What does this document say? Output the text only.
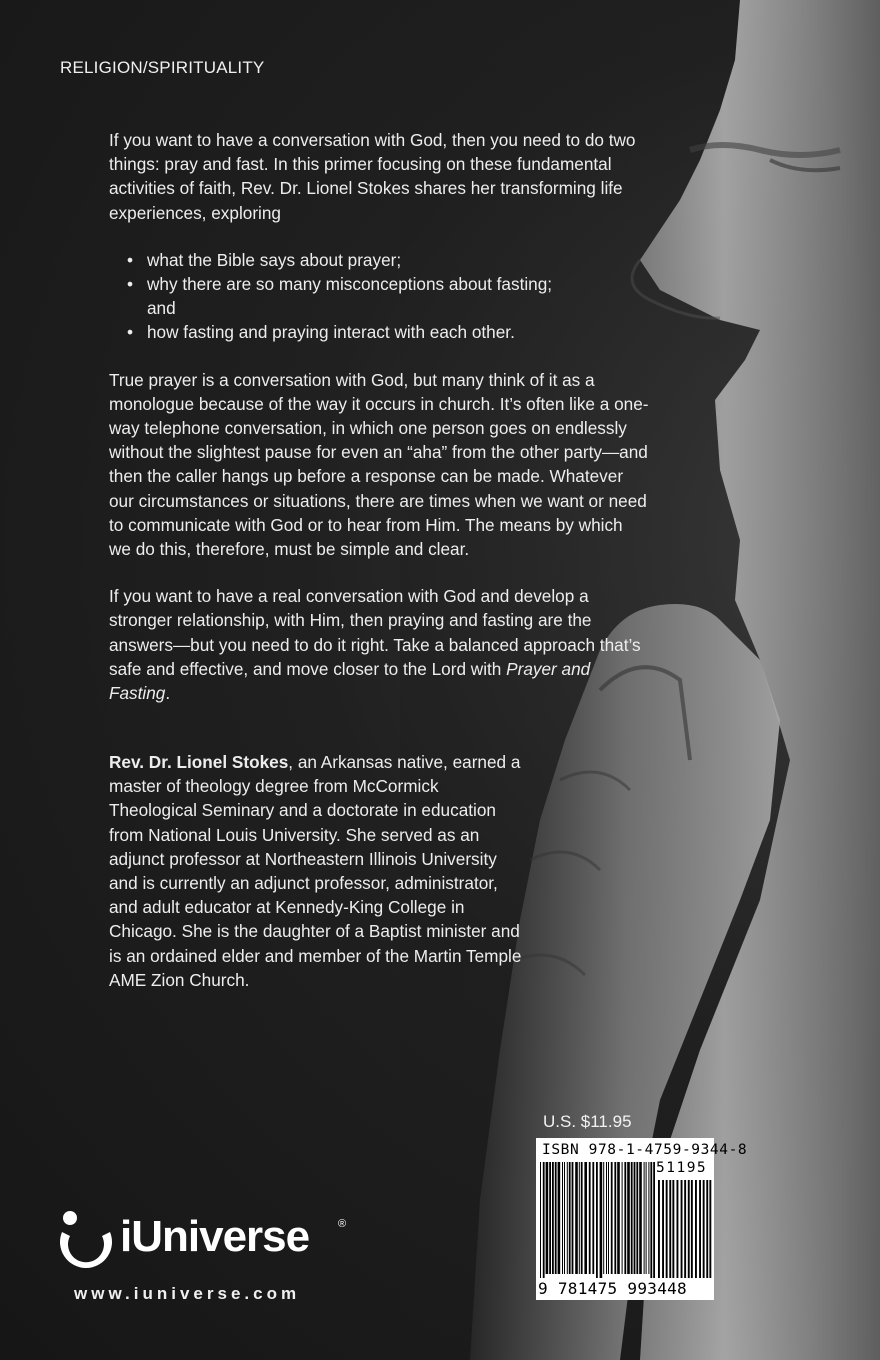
RELIGION/SPIRITUALITY

If you want to have a conversation with God, then you need to do two things: pray and fast. In this primer focusing on these fundamental activities of faith, Rev. Dr. Lionel Stokes shares her transforming life experiences, exploring

• what the Bible says about prayer;
• why there are so many misconceptions about fasting; and
• how fasting and praying interact with each other.

True prayer is a conversation with God, but many think of it as a monologue because of the way it occurs in church. It’s often like a one-way telephone conversation, in which one person goes on endlessly without the slightest pause for even an “aha” from the other party—and then the caller hangs up before a response can be made. Whatever our circumstances or situations, there are times when we want or need to communicate with God or to hear from Him. The means by which we do this, therefore, must be simple and clear.

If you want to have a real conversation with God and develop a stronger relationship, with Him, then praying and fasting are the answers—but you need to do it right. Take a balanced approach that’s safe and effective, and move closer to the Lord with Prayer and Fasting.

Rev. Dr. Lionel Stokes, an Arkansas native, earned a master of theology degree from McCormick Theological Seminary and a doctorate in education from National Louis University. She served as an adjunct professor at Northeastern Illinois University and is currently an adjunct professor, administrator, and adult educator at Kennedy-King College in Chicago. She is the daughter of a Baptist minister and is an ordained elder and member of the Martin Temple AME Zion Church.
U.S. $11.95
ISBN 978-1-4759-9344-8
51195
9 781475 993448
iUniverse	®
www.iuniverse.com
